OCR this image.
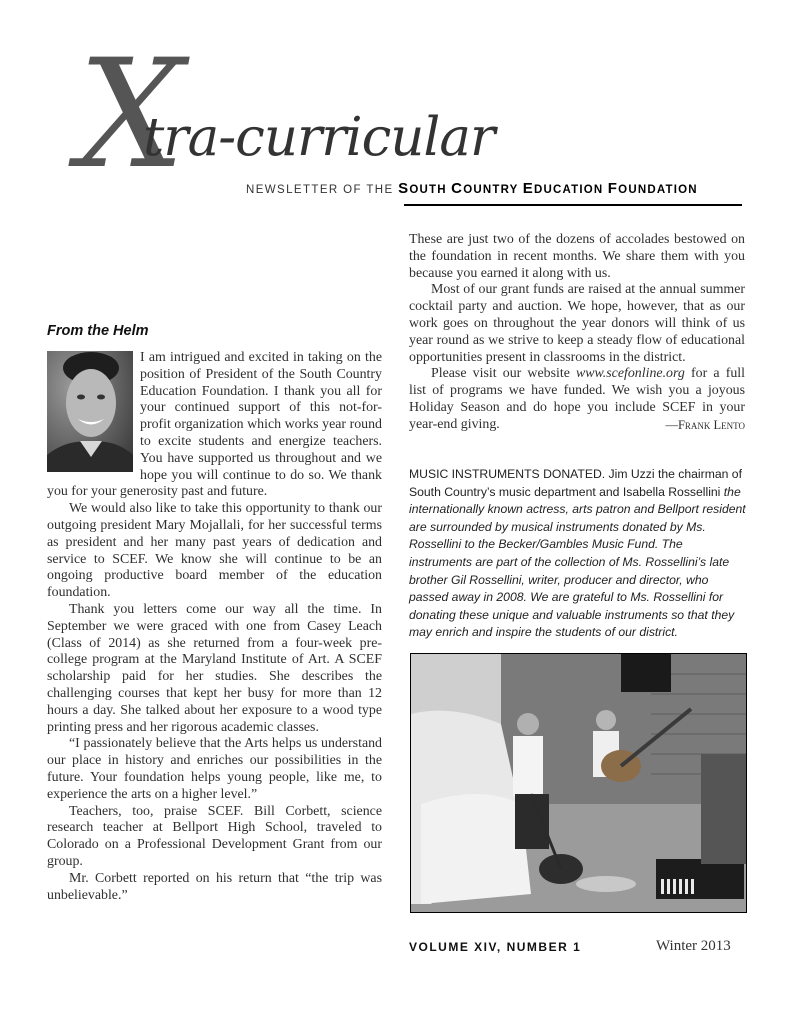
X
tra-curricular
NEWSLETTER OF THE SOUTH COUNTRY EDUCATION FOUNDATION
From the Helm

I am intrigued and excited in taking on the position of President of the South Country Education Foundation. I thank you all for your continued support of this not-for-profit organization which works year round to excite students and energize teachers. You have supported us throughout and we hope you will continue to do so. We thank you for your generosity past and future.

We would also like to take this opportunity to thank our outgoing president Mary Mojallali, for her successful terms as president and her many past years of dedication and service to SCEF. We know she will continue to be an ongoing productive board member of the education foundation.

Thank you letters come our way all the time. In September we were graced with one from Casey Leach (Class of 2014) as she returned from a four-week pre-college program at the Maryland Institute of Art. A SCEF scholarship paid for her studies. She describes the challenging courses that kept her busy for more than 12 hours a day. She talked about her exposure to a wood type printing press and her rigorous academic classes.

“I passionately believe that the Arts helps us understand our place in history and enriches our possibilities in the future. Your foundation helps young people, like me, to experience the arts on a higher level.”

Teachers, too, praise SCEF. Bill Corbett, science research teacher at Bellport High School, traveled to Colorado on a Professional Development Grant from our group.

Mr. Corbett reported on his return that “the trip was unbelievable.”

These are just two of the dozens of accolades bestowed on the foundation in recent months. We share them with you because you earned it along with us.

Most of our grant funds are raised at the annual summer cocktail party and auction. We hope, however, that as our work goes on throughout the year donors will think of us year round as we strive to keep a steady flow of educational opportunities present in classrooms in the district.

Please visit our website www.scefonline.org for a full list of programs we have funded. We wish you a joyous Holiday Season and do hope you include SCEF in your year-end giving.	—Frank Lento

MUSIC INSTRUMENTS DONATED. Jim Uzzi the chairman of South Country’s music department and Isabella Rossellini the internationally known actress, arts patron and Bellport resident are surrounded by musical instruments donated by Ms. Rossellini to the Becker/Gambles Music Fund. The instruments are part of the collection of Ms. Rossellini’s late brother Gil Rossellini, writer, producer and director, who passed away in 2008. We are grateful to Ms. Rossellini for donating these unique and valuable instruments so that they may enrich and inspire the students of our district.
VOLUME XIV, NUMBER 1	Winter 2013
